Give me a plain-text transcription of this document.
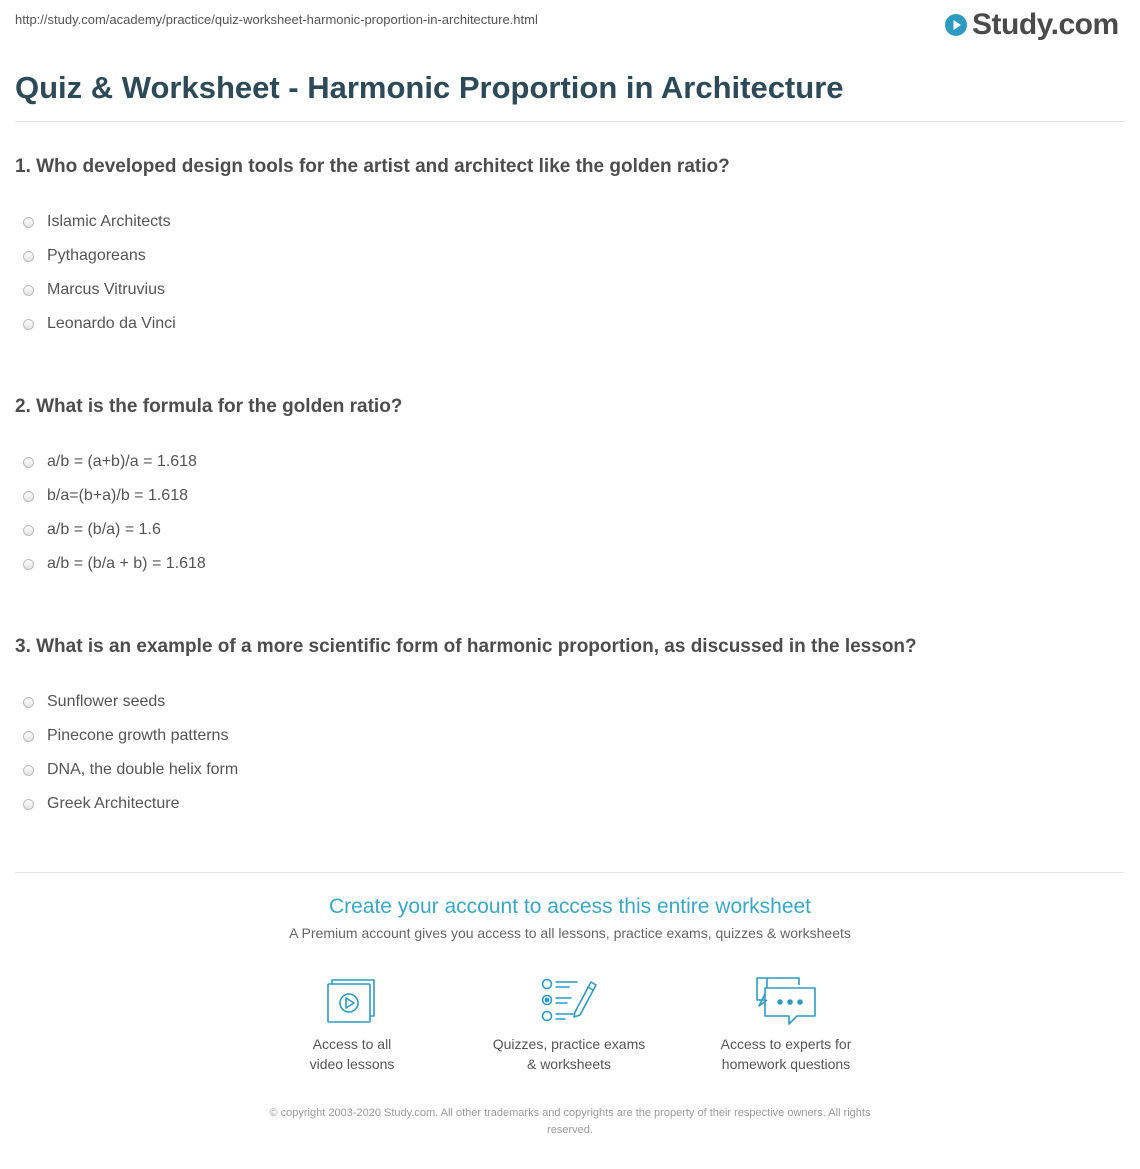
http://study.com/academy/practice/quiz-worksheet-harmonic-proportion-in-architecture.html	Study.com
Quiz & Worksheet - Harmonic Proportion in Architecture
1. Who developed design tools for the artist and architect like the golden ratio?
Islamic Architects
Pythagoreans
Marcus Vitruvius
Leonardo da Vinci
2. What is the formula for the golden ratio?
a/b = (a+b)/a = 1.618
b/a=(b+a)/b = 1.618
a/b = (b/a) = 1.6
a/b = (b/a + b) = 1.618
3. What is an example of a more scientific form of harmonic proportion, as discussed in the lesson?
Sunflower seeds
Pinecone growth patterns
DNA, the double helix form
Greek Architecture
Create your account to access this entire worksheet
A Premium account gives you access to all lessons, practice exams, quizzes & worksheets
Access to all
video lessons
Quizzes, practice exams
& worksheets
Access to experts for
homework questions
© copyright 2003-2020 Study.com. All other trademarks and copyrights are the property of their respective owners. All rights
reserved.
